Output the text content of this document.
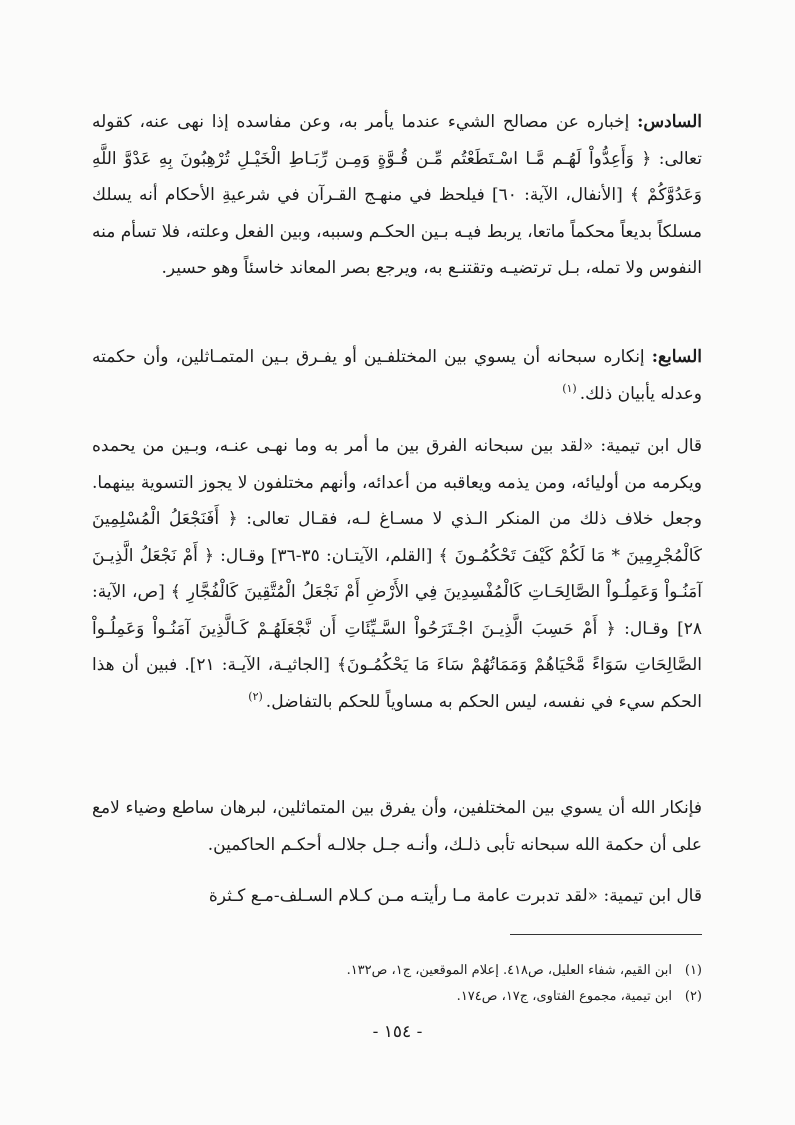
السادس: إخباره عن مصالح الشيء عندما يأمر به، وعن مفاسده إذا نهى عنه، كقوله تعالى: ﴿ وَأَعِدُّواْ لَهُـم مَّـا اسْـتَطَعْتُم مِّـن قُـوَّةٍ وَمِـن رِّبَـاطِ الْخَيْـلِ تُرْهِبُونَ بِهِ عَدْوَّ اللَّهِ وَعَدُوَّكُمْ ﴾ [الأنفال، الآية: ٦٠] فيلحظ في منهـج القـرآن في شرعيةِ الأحكام أنه يسلك مسلكاً بديعاً محكماً ماتعا، يربط فيـه بـين الحكـم وسببه، وبين الفعل وعلته، فلا تسأم منه النفوس ولا تمله، بـل ترتضيـه وتقتنـع به، ويرجع بصر المعاند خاسئاً وهو حسير.
السابع: إنكاره سبحانه أن يسوي بين المختلفـين أو يفـرق بـين المتمـاثلين، وأن حكمته وعدله يأبيان ذلك.$^{(١)}$
قال ابن تيمية: «لقد بين سبحانه الفرق بين ما أمر به وما نهـى عنـه، وبـين من يحمده ويكرمه من أوليائه، ومن يذمه ويعاقبه من أعدائه، وأنهم مختلفون لا يجوز التسوية بينهما. وجعل خلاف ذلك من المنكر الـذي لا مسـاغ لـه، فقـال تعالى: ﴿ أَفَنَجْعَلُ الْمُسْلِمِينَ كَالْمُجْرِمِينَ * مَا لَكُمْ كَيْفَ تَحْكُمُـونَ ﴾ [القلم، الآيتـان: ٣٥-٣٦] وقـال: ﴿ أَمْ نَجْعَلُ الَّذِيـنَ آمَنُـواْ وَعَمِلُـواْ الصَّالِحَـاتِ كَالْمُفْسِدِينَ فِي الأَرْضِ أَمْ نَجْعَلُ الْمُتَّقِينَ كَالْفُجَّارِ ﴾ [ص، الآية: ٢٨] وقـال: ﴿ أَمْ حَسِبَ الَّذِيـنَ اجْـتَرَحُواْ السَّـيِّئَاتِ أَن نَّجْعَلَهُـمْ كَـالَّذِينَ آمَنُـواْ وَعَمِلُـواْ الصَّالِحَاتِ سَوَاءً مَّحْيَاهُمْ وَمَمَاتُهُمْ سَاءَ مَا يَحْكُمُـونَ﴾ [الجاثيـة، الآيـة: ٢١]. فبين أن هذا الحكم سيء في نفسه، ليس الحكم به مساوياً للحكم بالتفاضل.$^{(٢)}$
فإنكار الله أن يسوي بين المختلفين، وأن يفرق بين المتماثلين، لبرهان ساطع وضياء لامع على أن حكمة الله سبحانه تأبى ذلـك، وأنـه جـل جلالـه أحكـم الحاكمين.
قال ابن تيمية: «لقد تدبرت عامة مـا رأيتـه مـن كـلام السـلف-مـع كـثرة
(١)
ابن القيم، شفاء العليل، ص٤١٨. إعلام الموقعين، ج١، ص١٣٢.
(٢)
ابن تيمية، مجموع الفتاوى، ج١٧، ص١٧٤.
- ١٥٤ -
